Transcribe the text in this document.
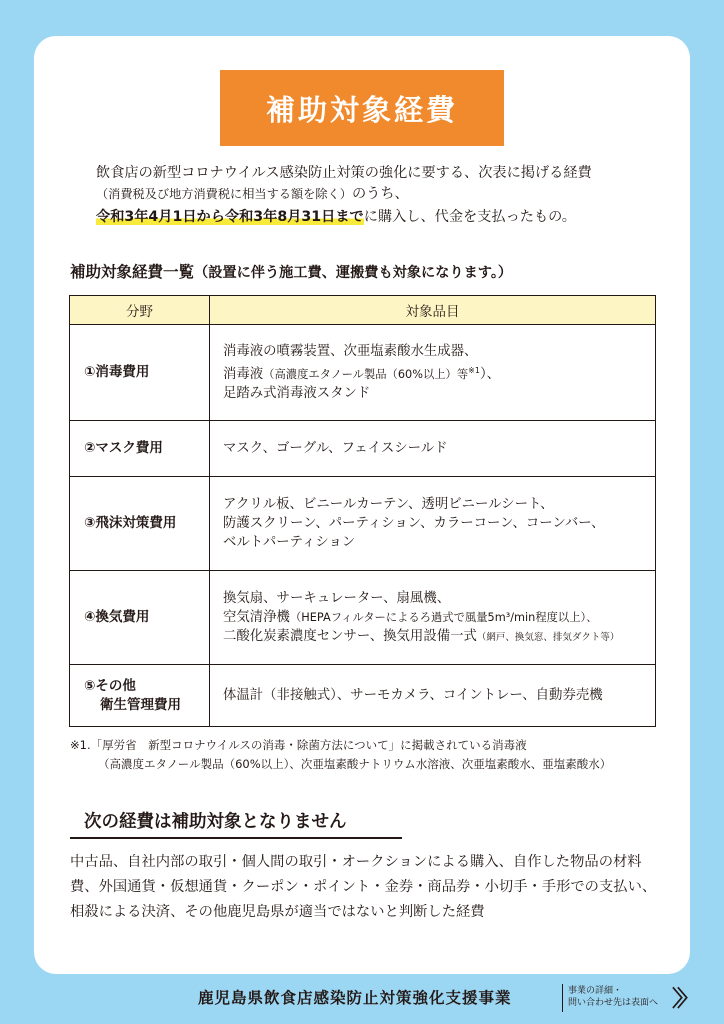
補助対象経費
飲食店の新型コロナウイルス感染防止対策の強化に要する、次表に掲げる経費
（消費税及び地方消費税に相当する額を除く）のうち、
令和3年4月1日から令和3年8月31日までに購入し、代金を支払ったもの。
補助対象経費一覧（設置に伴う施工費、運搬費も対象になります。）
分野	対象品目
①消毒費用	消毒液の噴霧装置、次亜塩素酸水生成器、
消毒液（高濃度エタノール製品（60%以上）等$^{※1}$）、
足踏み式消毒液スタンド

②マスク費用	マスク、ゴーグル、フェイスシールド

③飛沫対策費用	アクリル板、ビニールカーテン、透明ビニールシート、
防護スクリーン、パーティション、カラーコーン、コーンバー、
ベルトパーティション

④換気費用	換気扇、サーキュレーター、扇風機、
空気清浄機（HEPAフィルターによるろ過式で風量5m³/min程度以上）、
二酸化炭素濃度センサー、換気用設備一式（網戸、換気窓、排気ダクト等）

⑤その他
衛生管理費用	体温計（非接触式）、サーモカメラ、コイントレー、自動券売機
※1.「厚労省　新型コロナウイルスの消毒・除菌方法について」に掲載されている消毒液
（高濃度エタノール製品（60%以上）、次亜塩素酸ナトリウム水溶液、次亜塩素酸水、亜塩素酸水）
次の経費は補助対象となりません
中古品、自社内部の取引・個人間の取引・オークションによる購入、自作した物品の材料費、外国通貨・仮想通貨・クーポン・ポイント・金券・商品券・小切手・手形での支払い、相殺による決済、その他鹿児島県が適当ではないと判断した経費
鹿児島県飲食店感染防止対策強化支援事業	事業の詳細・
問い合わせ先は表面へ 〉〉
